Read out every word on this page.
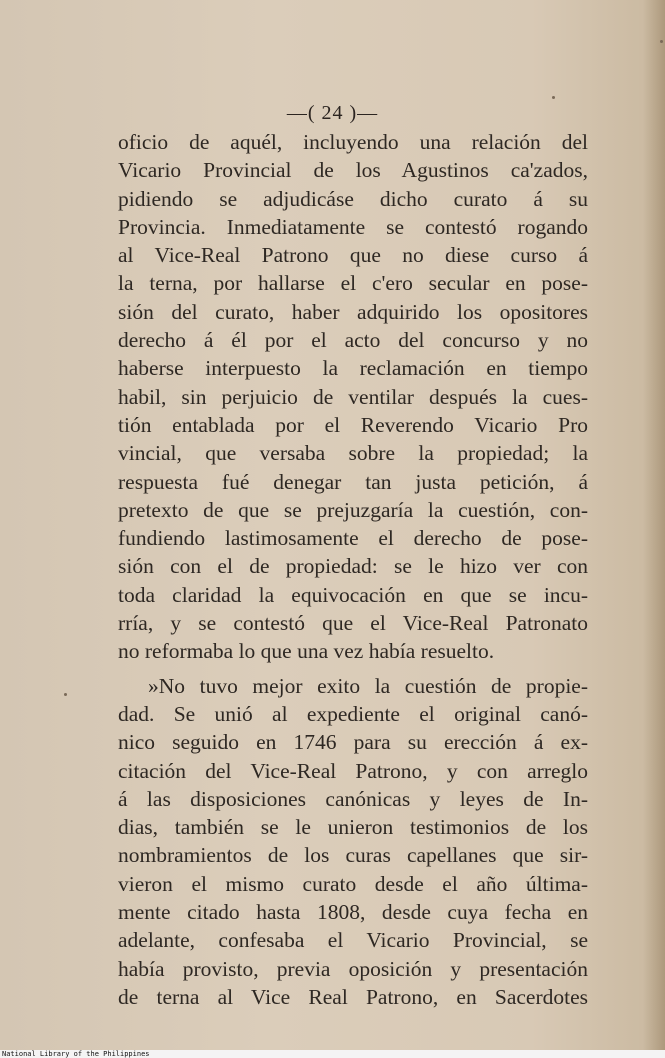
—( 24 )—
oficio de aquél, incluyendo una relación del
Vicario Provincial de los Agustinos ca'zados,
pidiendo se adjudicáse dicho curato á su
Provincia. Inmediatamente se contestó rogando
al Vice-Real Patrono que no diese curso á
la terna, por hallarse el c'ero secular en pose-
sión del curato, haber adquirido los opositores
derecho á él por el acto del concurso y no
haberse interpuesto la reclamación en tiempo
habil, sin perjuicio de ventilar después la cues-
tión entablada por el Reverendo Vicario Pro
vincial, que versaba sobre la propiedad; la
respuesta fué denegar tan justa petición, á
pretexto de que se prejuzgaría la cuestión, con-
fundiendo lastimosamente el derecho de pose-
sión con el de propiedad: se le hizo ver con
toda claridad la equivocación en que se incu-
rría, y se contestó que el Vice-Real Patronato
no reformaba lo que una vez había resuelto.
»No tuvo mejor exito la cuestión de propie-
dad. Se unió al expediente el original canó-
nico seguido en 1746 para su erección á ex-
citación del Vice-Real Patrono, y con arreglo
á las disposiciones canónicas y leyes de In-
dias, también se le unieron testimonios de los
nombramientos de los curas capellanes que sir-
vieron el mismo curato desde el año última-
mente citado hasta 1808, desde cuya fecha en
adelante, confesaba el Vicario Provincial, se
había provisto, previa oposición y presentación
de terna al Vice Real Patrono, en Sacerdotes
National Library of the Philippines
